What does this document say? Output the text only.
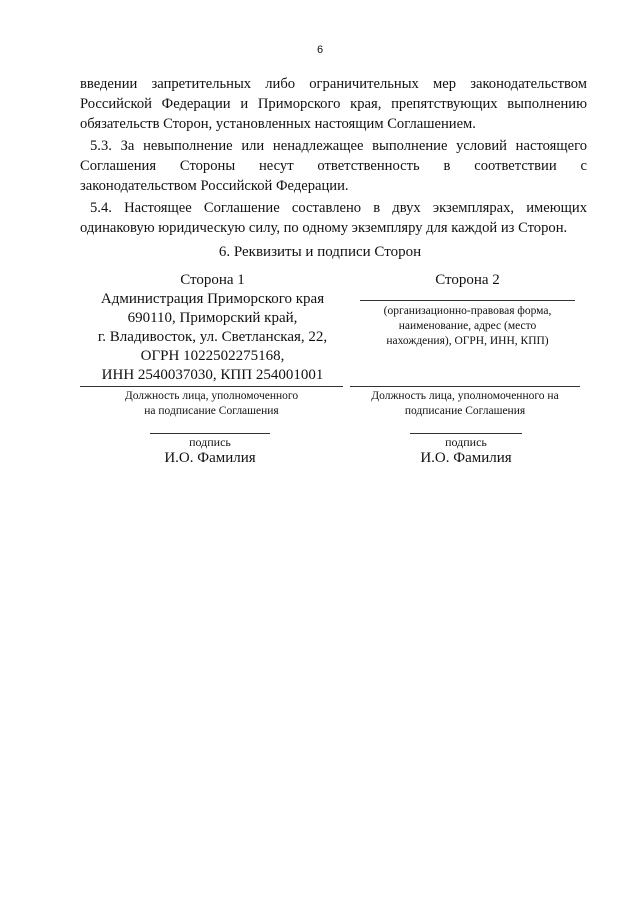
6
введении запретительных либо ограничительных мер законодательством
Российской Федерации и Приморского края, препятствующих выполнению
обязательств Сторон, установленных настоящим Соглашением.
5.3. За невыполнение или ненадлежащее выполнение условий настоящего
Соглашения Стороны несут ответственность в соответствии с
законодательством Российской Федерации.
5.4. Настоящее Соглашение составлено в двух экземплярах, имеющих
одинаковую юридическую силу, по одному экземпляру для каждой из Сторон.
6. Реквизиты и подписи Сторон
Сторона 1
Администрация Приморского края
690110, Приморский край,
г. Владивосток, ул. Светланская, 22,
ОГРН 1022502275168,
ИНН 2540037030, КПП 254001001
Должность лица, уполномоченного
на подписание Соглашения
подпись
И.О. Фамилия
Сторона 2
(организационно-правовая форма,
наименование, адрес (место
нахождения), ОГРН, ИНН, КПП)
Должность лица, уполномоченного на
подписание Соглашения
подпись
И.О. Фамилия
